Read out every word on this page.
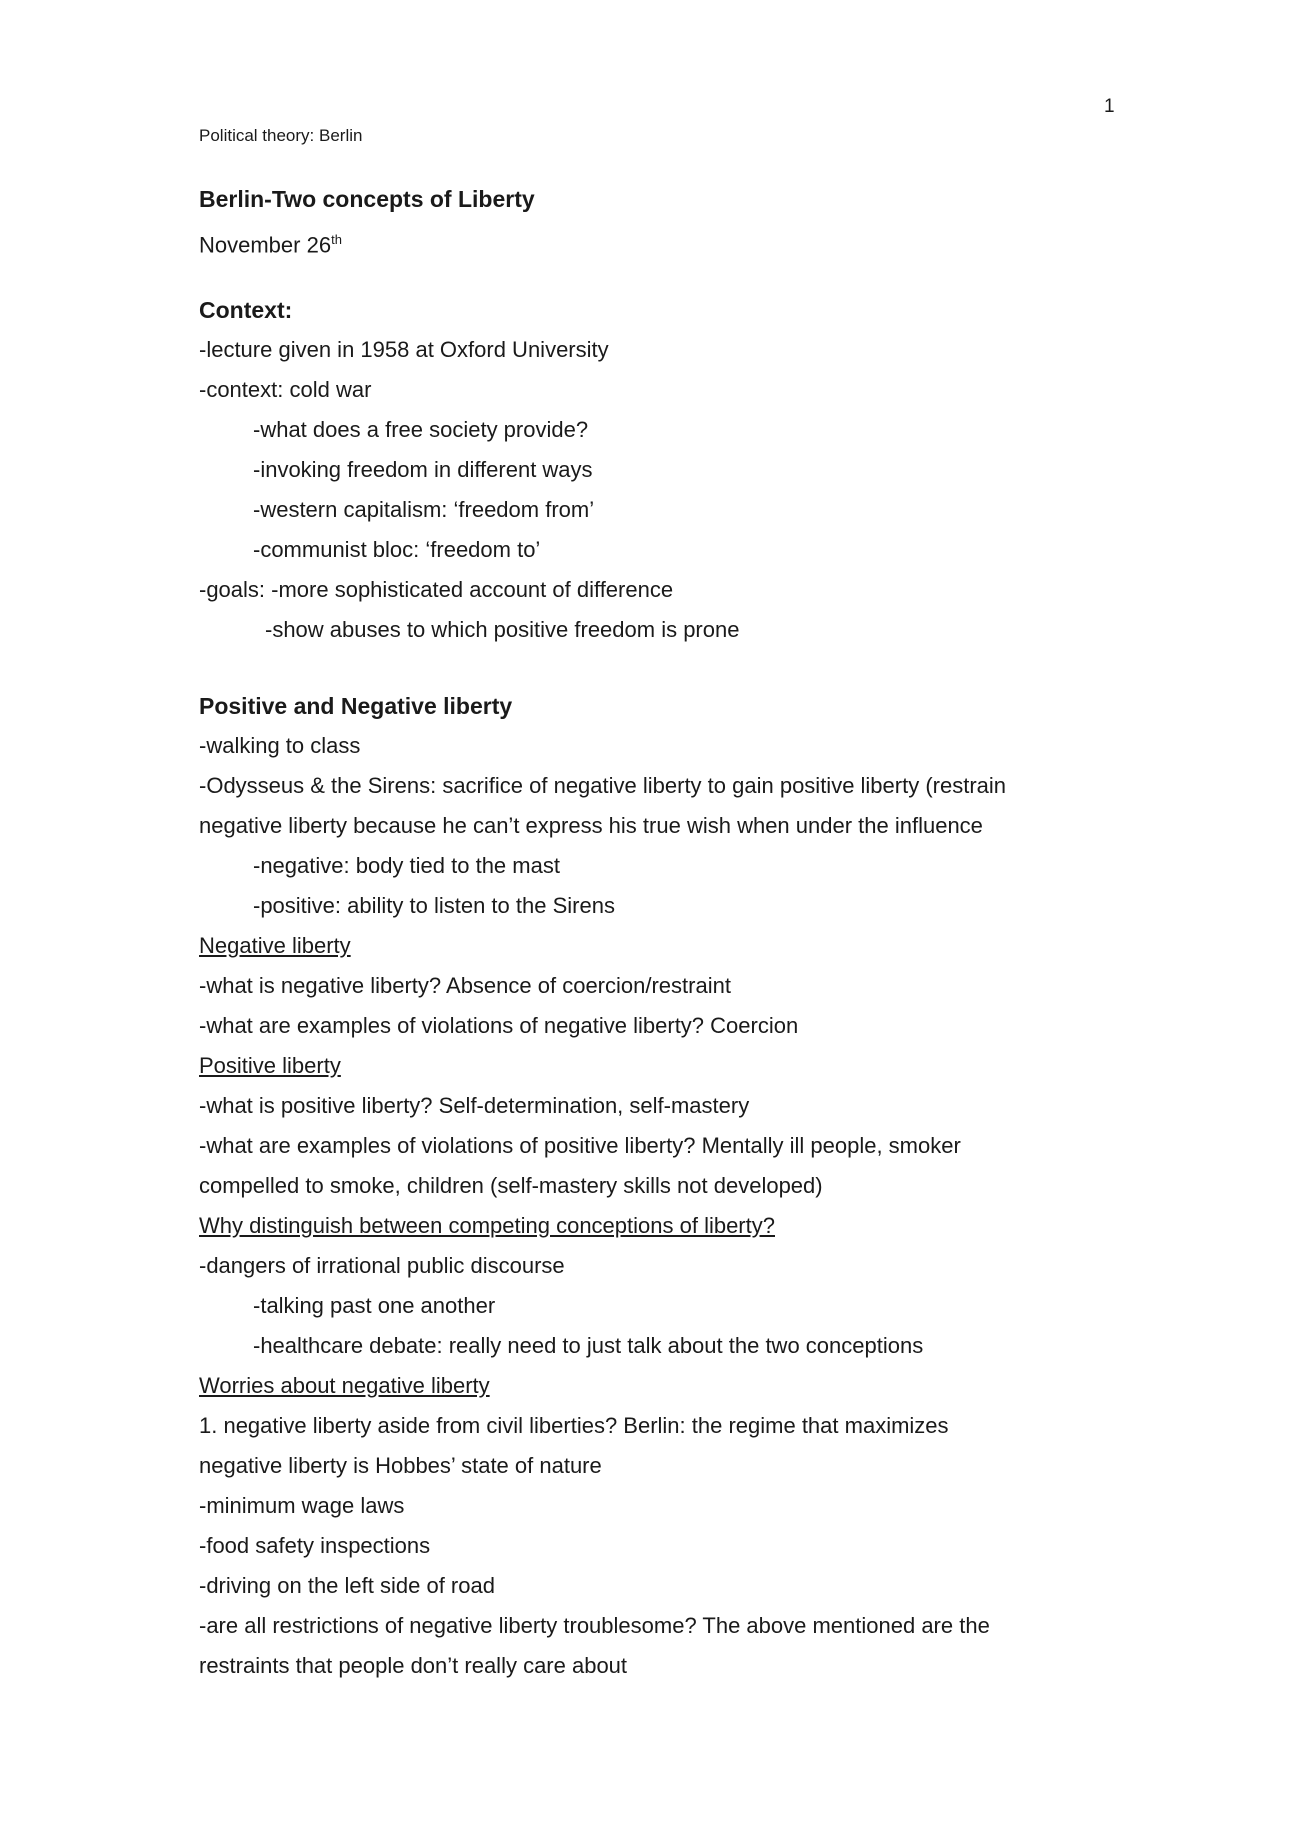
1
Political theory: Berlin
Berlin-Two concepts of Liberty
November 26th
Context:
-lecture given in 1958 at Oxford University
-context: cold war
-what does a free society provide?
-invoking freedom in different ways
-western capitalism: ‘freedom from’
-communist bloc: ‘freedom to’
-goals: -more sophisticated account of difference
-show abuses to which positive freedom is prone
Positive and Negative liberty
-walking to class
-Odysseus & the Sirens: sacrifice of negative liberty to gain positive liberty (restrain
negative liberty because he can’t express his true wish when under the influence
-negative: body tied to the mast
-positive: ability to listen to the Sirens
Negative liberty
-what is negative liberty? Absence of coercion/restraint
-what are examples of violations of negative liberty? Coercion
Positive liberty
-what is positive liberty? Self-determination, self-mastery
-what are examples of violations of positive liberty? Mentally ill people, smoker
compelled to smoke, children (self-mastery skills not developed)
Why distinguish between competing conceptions of liberty?
-dangers of irrational public discourse
-talking past one another
-healthcare debate: really need to just talk about the two conceptions
Worries about negative liberty
1. negative liberty aside from civil liberties? Berlin: the regime that maximizes
negative liberty is Hobbes’ state of nature
-minimum wage laws
-food safety inspections
-driving on the left side of road
-are all restrictions of negative liberty troublesome? The above mentioned are the
restraints that people don’t really care about
